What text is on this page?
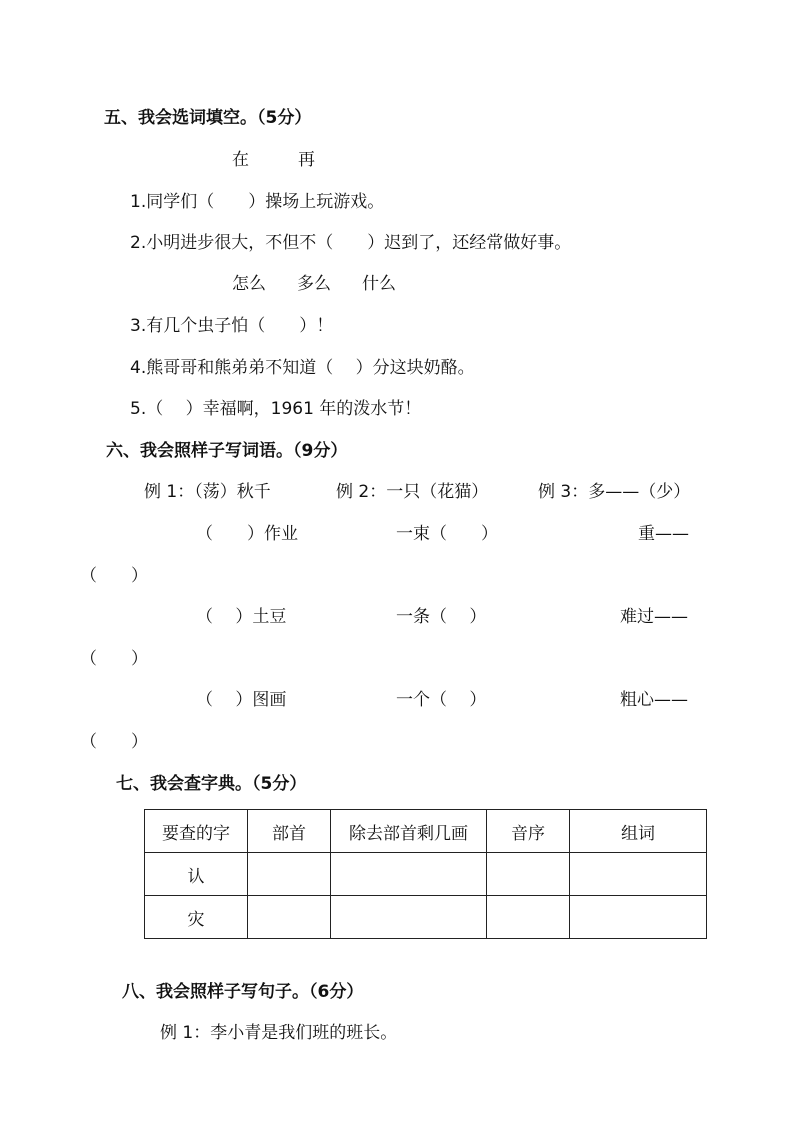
五、我会选词填空。（5分）
在	再
1.同学们（　　）操场上玩游戏。
2.小明进步很大，不但不（　　）迟到了，还经常做好事。
怎么 多么 什么
3.有几个虫子怕（　　）！
4.熊哥哥和熊弟弟不知道（　 ）分这块奶酪。
5.（　 ）幸福啊，1961 年的泼水节！
六、我会照样子写词语。（9分）
例 1：（荡）秋千	例 2：一只（花猫）	例 3：多——（少）
（　　）作业	一束（　　）	重——
（　　）
（　 ）土豆	一条（　 ）	难过——
（　　）
（　 ）图画	一个（　 ）	粗心——
（　　）
七、我会查字典。（5分）
要查的字	部首	除去部首剩几画	音序	组词
认				
灾				
八、我会照样子写句子。（6分）
例 1：李小青是我们班的班长。
